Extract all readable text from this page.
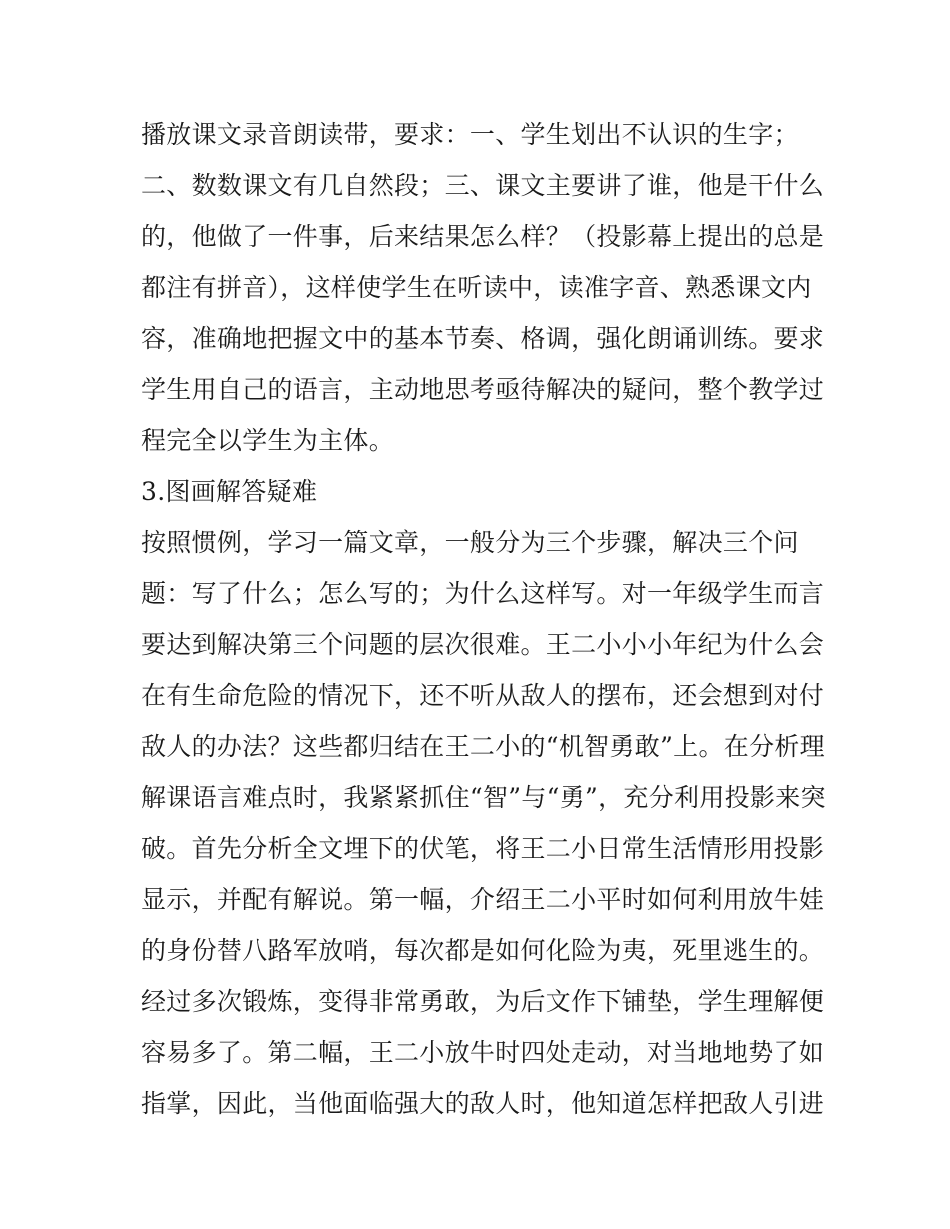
播放课文录音朗读带，要求：一、学生划出不认识的生字；
二、数数课文有几自然段；三、课文主要讲了谁，他是干什么
的，他做了一件事，后来结果怎么样？（投影幕上提出的总是
都注有拼音），这样使学生在听读中，读准字音、熟悉课文内
容，准确地把握文中的基本节奏、格调，强化朗诵训练。要求
学生用自己的语言，主动地思考亟待解决的疑问，整个教学过
程完全以学生为主体。
3.图画解答疑难
按照惯例，学习一篇文章，一般分为三个步骤，解决三个问
题：写了什么；怎么写的；为什么这样写。对一年级学生而言
要达到解决第三个问题的层次很难。王二小小小年纪为什么会
在有生命危险的情况下，还不听从敌人的摆布，还会想到对付
敌人的办法？这些都归结在王二小的“机智勇敢”上。在分析理
解课语言难点时，我紧紧抓住“智”与“勇”，充分利用投影来突
破。首先分析全文埋下的伏笔，将王二小日常生活情形用投影
显示，并配有解说。第一幅，介绍王二小平时如何利用放牛娃
的身份替八路军放哨，每次都是如何化险为夷，死里逃生的。
经过多次锻炼，变得非常勇敢，为后文作下铺垫，学生理解便
容易多了。第二幅，王二小放牛时四处走动，对当地地势了如
指掌，因此，当他面临强大的敌人时，他知道怎样把敌人引进
